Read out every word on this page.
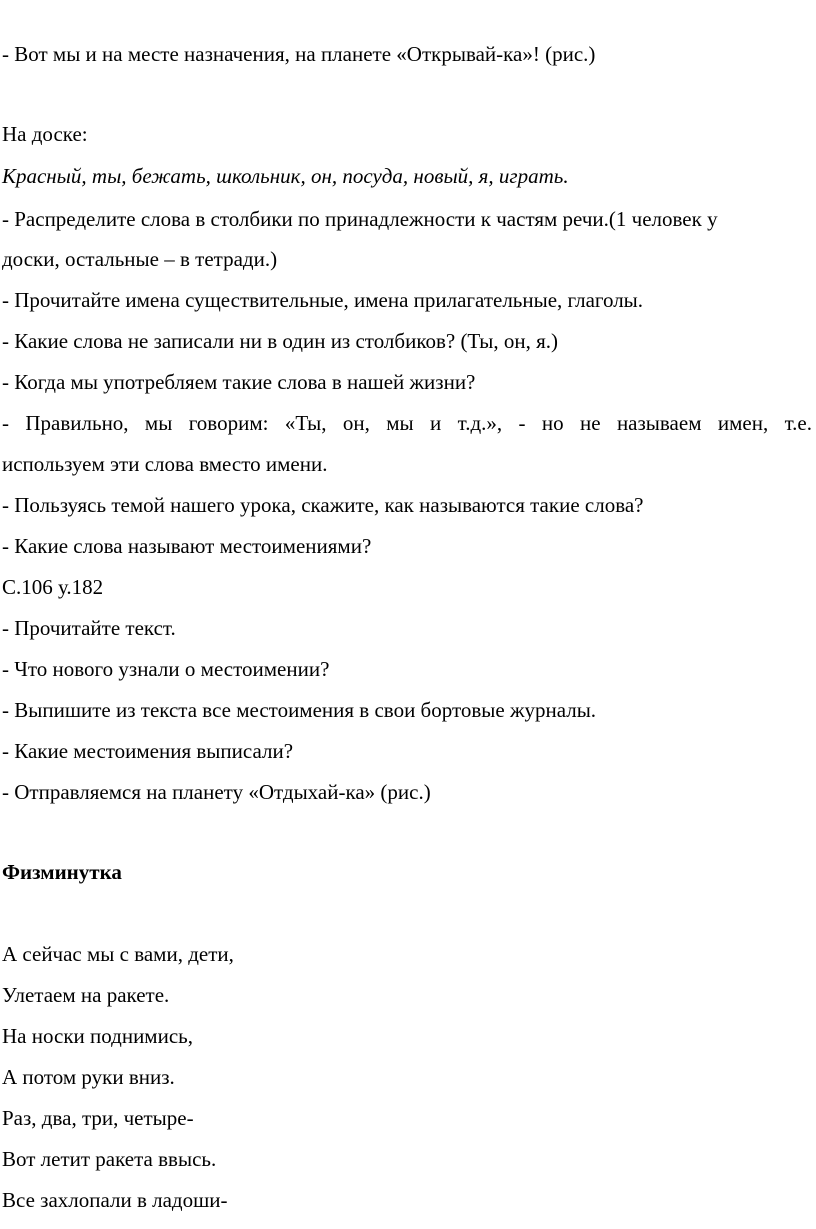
- Вот мы и на месте назначения, на планете «Открывай-ка»! (рис.)
На доске:
Красный, ты, бежать, школьник, он, посуда, новый, я, играть.
- Распределите слова в столбики по принадлежности к частям речи.(1 человек у
доски, остальные – в тетради.)
- Прочитайте имена существительные, имена прилагательные, глаголы.
- Какие слова не записали ни в один из столбиков? (Ты, он, я.)
- Когда мы употребляем такие слова в нашей жизни?
- Правильно, мы говорим: «Ты, он, мы и т.д.», - но не называем имен, т.е.
используем эти слова вместо имени.
- Пользуясь темой нашего урока, скажите, как называются такие слова?
- Какие слова называют местоимениями?
С.106 у.182
- Прочитайте текст.
- Что нового узнали о местоимении?
- Выпишите из текста все местоимения в свои бортовые журналы.
- Какие местоимения выписали?
- Отправляемся на планету «Отдыхай-ка» (рис.)
Физминутка
А сейчас мы с вами, дети,
Улетаем на ракете.
На носки поднимись,
А потом руки вниз.
Раз, два, три, четыре-
Вот летит ракета ввысь.
Все захлопали в ладоши-
